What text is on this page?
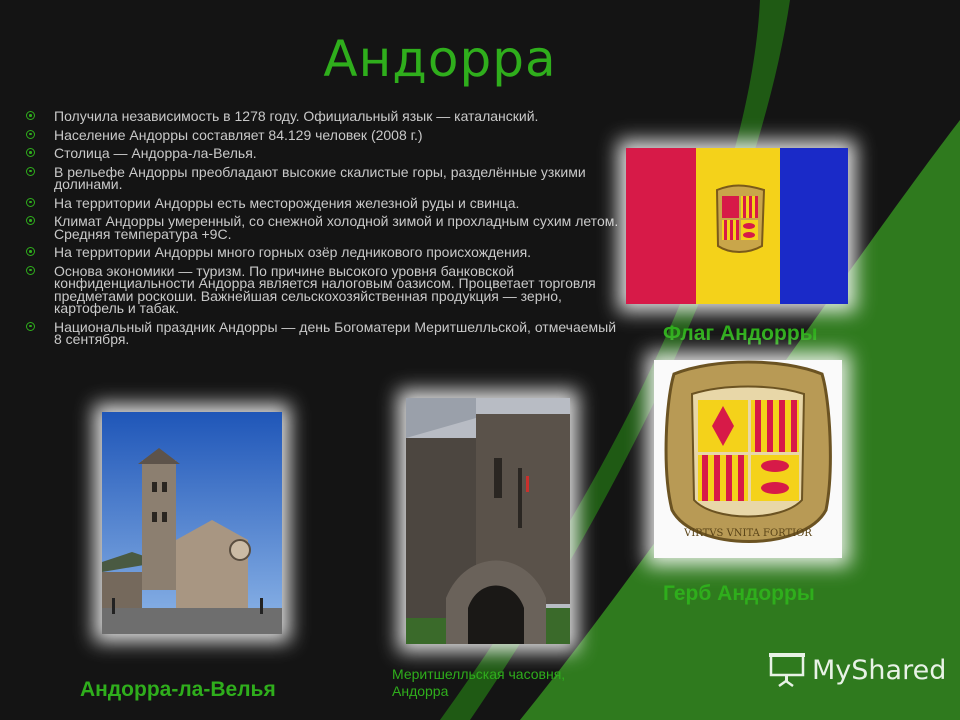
Андорра
Получила независимость в 1278 году. Официальный язык — каталанский.
Население Андорры составляет 84.129 человек (2008 г.)
Столица — Андорра-ла-Велья.
В рельефе Андорры преобладают высокие скалистые горы, разделённые узкими долинами.
На территории Андорры есть месторождения железной руды и свинца.
Климат Андорры умеренный, со снежной холодной зимой и прохладным сухим летом. Средняя температура +9С.
На территории Андорры много горных озёр ледникового происхождения.
Основа экономики — туризм. По причине высокого уровня банковской конфиденциальности Андорра является налоговым оазисом. Процветает торговля предметами роскоши. Важнейшая сельскохозяйственная продукция — зерно, картофель и табак.
Национальный праздник Андорры — день Богоматери Меритшелльской, отмечаемый 8 сентября.	Флаг Андорры
VIRTVS VNITA FORTIOR
Герб Андорры
Андорра-ла-Велья
Меритшелльская часовня,
Андорра
MyShared
